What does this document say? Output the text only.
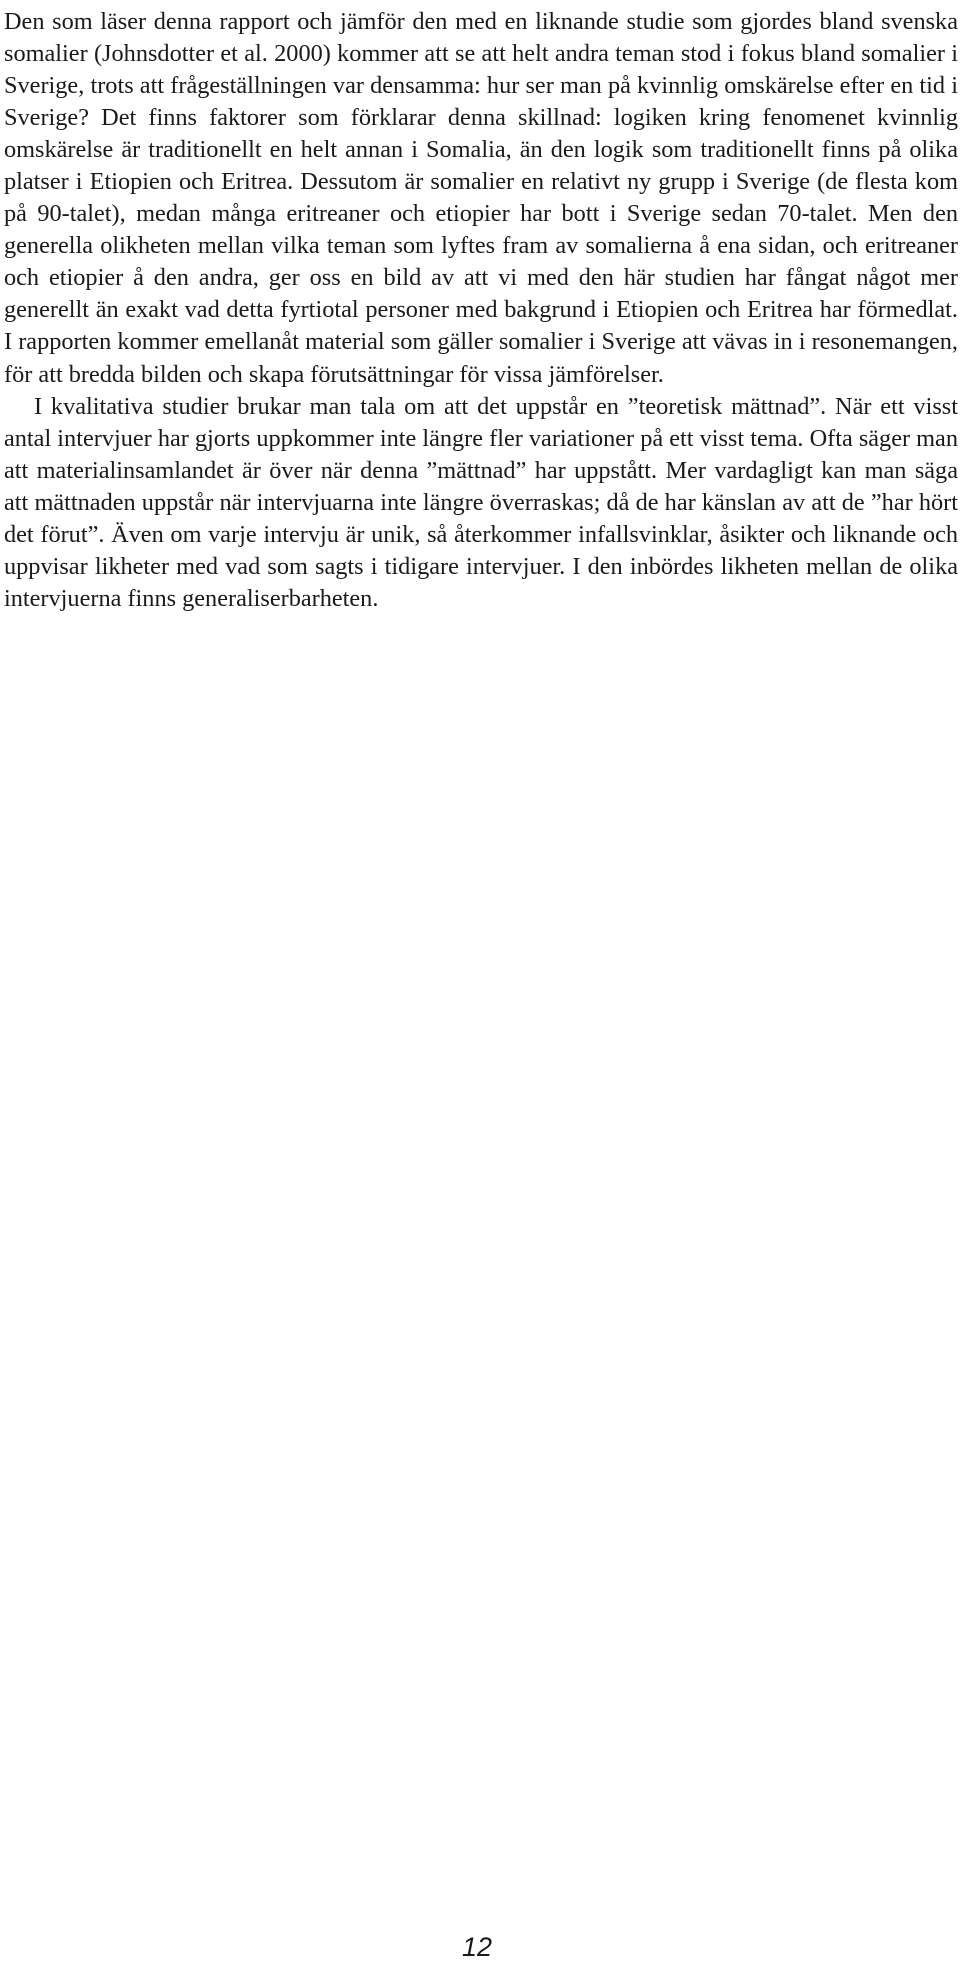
Den som läser denna rapport och jämför den med en liknande studie som gjordes bland svenska somalier (Johnsdotter et al. 2000) kommer att se att helt andra teman stod i fokus bland somalier i Sverige, trots att frågeställningen var densamma: hur ser man på kvinnlig omskärelse efter en tid i Sverige? Det finns faktorer som förklarar denna skillnad: logiken kring fenomenet kvinnlig omskärelse är traditionellt en helt annan i Somalia, än den logik som traditionellt finns på olika platser i Etiopien och Eritrea. Dessutom är somalier en relativt ny grupp i Sverige (de flesta kom på 90-talet), medan många eritreaner och etiopier har bott i Sverige sedan 70-talet. Men den generella olikheten mellan vilka teman som lyftes fram av somalierna å ena sidan, och eritreaner och etiopier å den andra, ger oss en bild av att vi med den här studien har fångat något mer generellt än exakt vad detta fyrtiotal personer med bakgrund i Etiopien och Eritrea har förmedlat. I rapporten kommer emellanåt material som gäller somalier i Sverige att vävas in i resonemangen, för att bredda bilden och skapa förutsättningar för vissa jämförelser.

I kvalitativa studier brukar man tala om att det uppstår en ”teoretisk mättnad”. När ett visst antal intervjuer har gjorts uppkommer inte längre fler variationer på ett visst tema. Ofta säger man att materialinsamlandet är över när denna ”mättnad” har uppstått. Mer vardagligt kan man säga att mättnaden uppstår när intervjuarna inte längre överraskas; då de har känslan av att de ”har hört det förut”. Även om varje intervju är unik, så återkommer infallsvinklar, åsikter och liknande och uppvisar likheter med vad som sagts i tidigare intervjuer. I den inbördes likheten mellan de olika intervjuerna finns generaliserbarheten.

12
